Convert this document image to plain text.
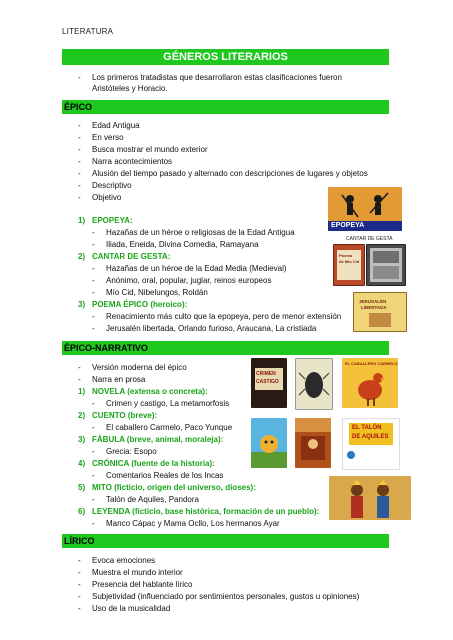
LITERATURA
GÉNEROS LITERARIOS
- Los primeros tratadistas que desarrollaron estas clasificaciones fueron
Aristóteles y Horacio.
ÉPICO
- Edad Antigua
- En verso
- Busca mostrar el mundo exterior
- Narra acontecimientos
- Alusión del tiempo pasado y alternado con descripciones de lugares y objetos
- Descriptivo
- Objetivo
1) EPOPEYA:
- Hazañas de un héroe o religiosas de la Edad Antigua
- Iliada, Eneida, Divina Comedia, Ramayana
2) CANTAR DE GESTA:
- Hazañas de un héroe de la Edad Media (Medieval)
- Anónimo, oral, popular, juglar, reinos europeos
- Mío Cid, Nibelungos, Roldán
3) POEMA ÉPICO (heroico):
- Renacimiento más culto que la epopeya, pero de menor extensión
- Jerusalén libertada, Orlando furioso, Araucana, La cristiada
EPOPEYA
CANTAR DE GESTA
Poema
de Mio Cid
JERUSALÉN
LIBERTADA
ÉPICO-NARRATIVO
- Versión moderna del épico
- Narra en prosa
1) NOVELA (extensa o concreta):
- Crimen y castigo, La metamorfosis
2) CUENTO (breve):
- El caballero Carmelo, Paco Yunque
3) FÁBULA (breve, animal, moraleja):
- Grecia: Esopo
4) CRÓNICA (fuente de la historia):
- Comentarios Reales de los Incas
5) MITO (ficticio, origen del universo, dioses):
- Talón de Aquiles, Pandora
6) LEYENDA (ficticio, base histórica, formación de un pueblo):
- Manco Cápac y Mama Ocllo, Los hermanos Ayar
CRIMEN
CASTIGO
EL CABALLERO CARMELO
EL TALÓN
DE AQUILES
LÍRICO
- Evoca emociones
- Muestra el mundo interior
- Presencia del hablante lírico
- Subjetividad (influenciado por sentimientos personales, gustos u opiniones)
- Uso de la musicalidad
